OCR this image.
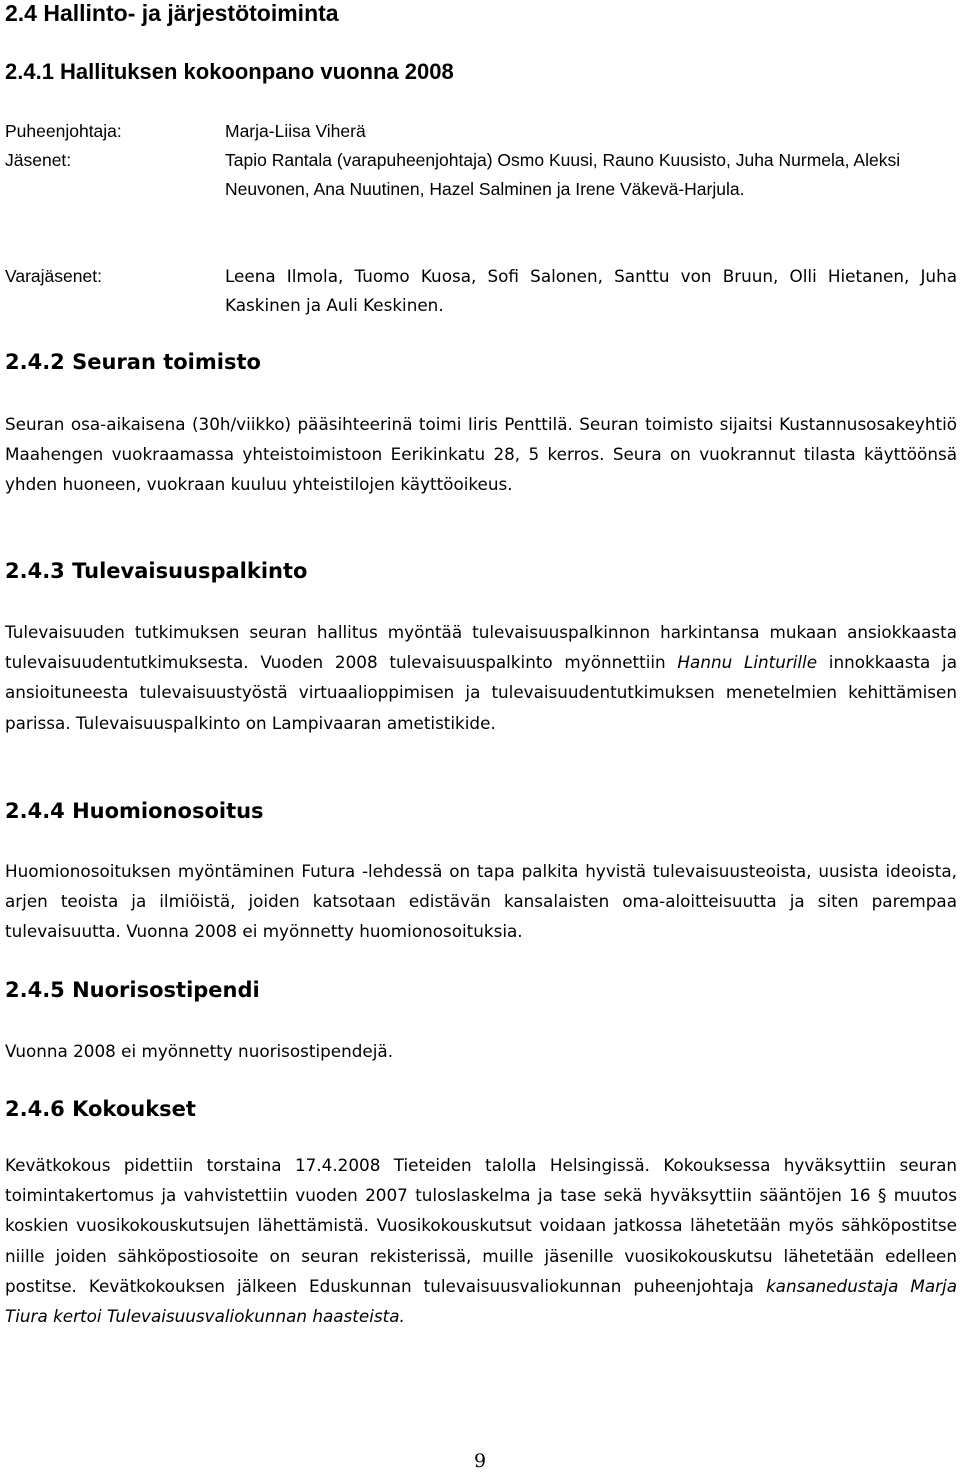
2.4 Hallinto- ja järjestötoiminta
2.4.1 Hallituksen kokoonpano vuonna 2008
Puheenjohtaja:	Marja-Liisa Viherä
Jäsenet:	Tapio Rantala (varapuheenjohtaja) Osmo Kuusi, Rauno Kuusisto, Juha Nurmela, Aleksi Neuvonen, Ana Nuutinen, Hazel Salminen ja Irene Väkevä-Harjula.
Varajäsenet:	Leena Ilmola, Tuomo Kuosa, Sofi Salonen, Santtu von Bruun, Olli Hietanen, Juha Kaskinen ja Auli Keskinen.
2.4.2 Seuran toimisto

Seuran osa-aikaisena (30h/viikko) pääsihteerinä toimi Iiris Penttilä. Seuran toimisto sijaitsi Kustannusosakeyhtiö Maahengen vuokraamassa yhteistoimistoon Eerikinkatu 28, 5 kerros. Seura on vuokrannut tilasta käyttöönsä yhden huoneen, vuokraan kuuluu yhteistilojen käyttöoikeus.

2.4.3 Tulevaisuuspalkinto

Tulevaisuuden tutkimuksen seuran hallitus myöntää tulevaisuuspalkinnon harkintansa mukaan ansiokkaasta tulevaisuudentutkimuksesta. Vuoden 2008 tulevaisuuspalkinto myönnettiin Hannu Linturille innokkaasta ja ansioituneesta tulevaisuustyöstä virtuaalioppimisen ja tulevaisuudentutkimuksen menetelmien kehittämisen parissa. Tulevaisuuspalkinto on Lampivaaran ametistikide.

2.4.4 Huomionosoitus

Huomionosoituksen myöntäminen Futura -lehdessä on tapa palkita hyvistä tulevaisuusteoista, uusista ideoista, arjen teoista ja ilmiöistä, joiden katsotaan edistävän kansalaisten oma-aloitteisuutta ja siten parempaa tulevaisuutta. Vuonna 2008 ei myönnetty huomionosoituksia.

2.4.5 Nuorisostipendi

Vuonna 2008 ei myönnetty nuorisostipendejä.

2.4.6 Kokoukset

Kevätkokous pidettiin torstaina 17.4.2008 Tieteiden talolla Helsingissä. Kokouksessa hyväksyttiin seuran toimintakertomus ja vahvistettiin vuoden 2007 tuloslaskelma ja tase sekä hyväksyttiin sääntöjen 16 § muutos koskien vuosikokouskutsujen lähettämistä. Vuosikokouskutsut voidaan jatkossa lähetetään myös sähköpostitse niille joiden sähköpostiosoite on seuran rekisterissä, muille jäsenille vuosikokouskutsu lähetetään edelleen postitse. Kevätkokouksen jälkeen Eduskunnan tulevaisuusvaliokunnan puheenjohtaja kansanedustaja Marja Tiura kertoi Tulevaisuusvaliokunnan haasteista.

9
